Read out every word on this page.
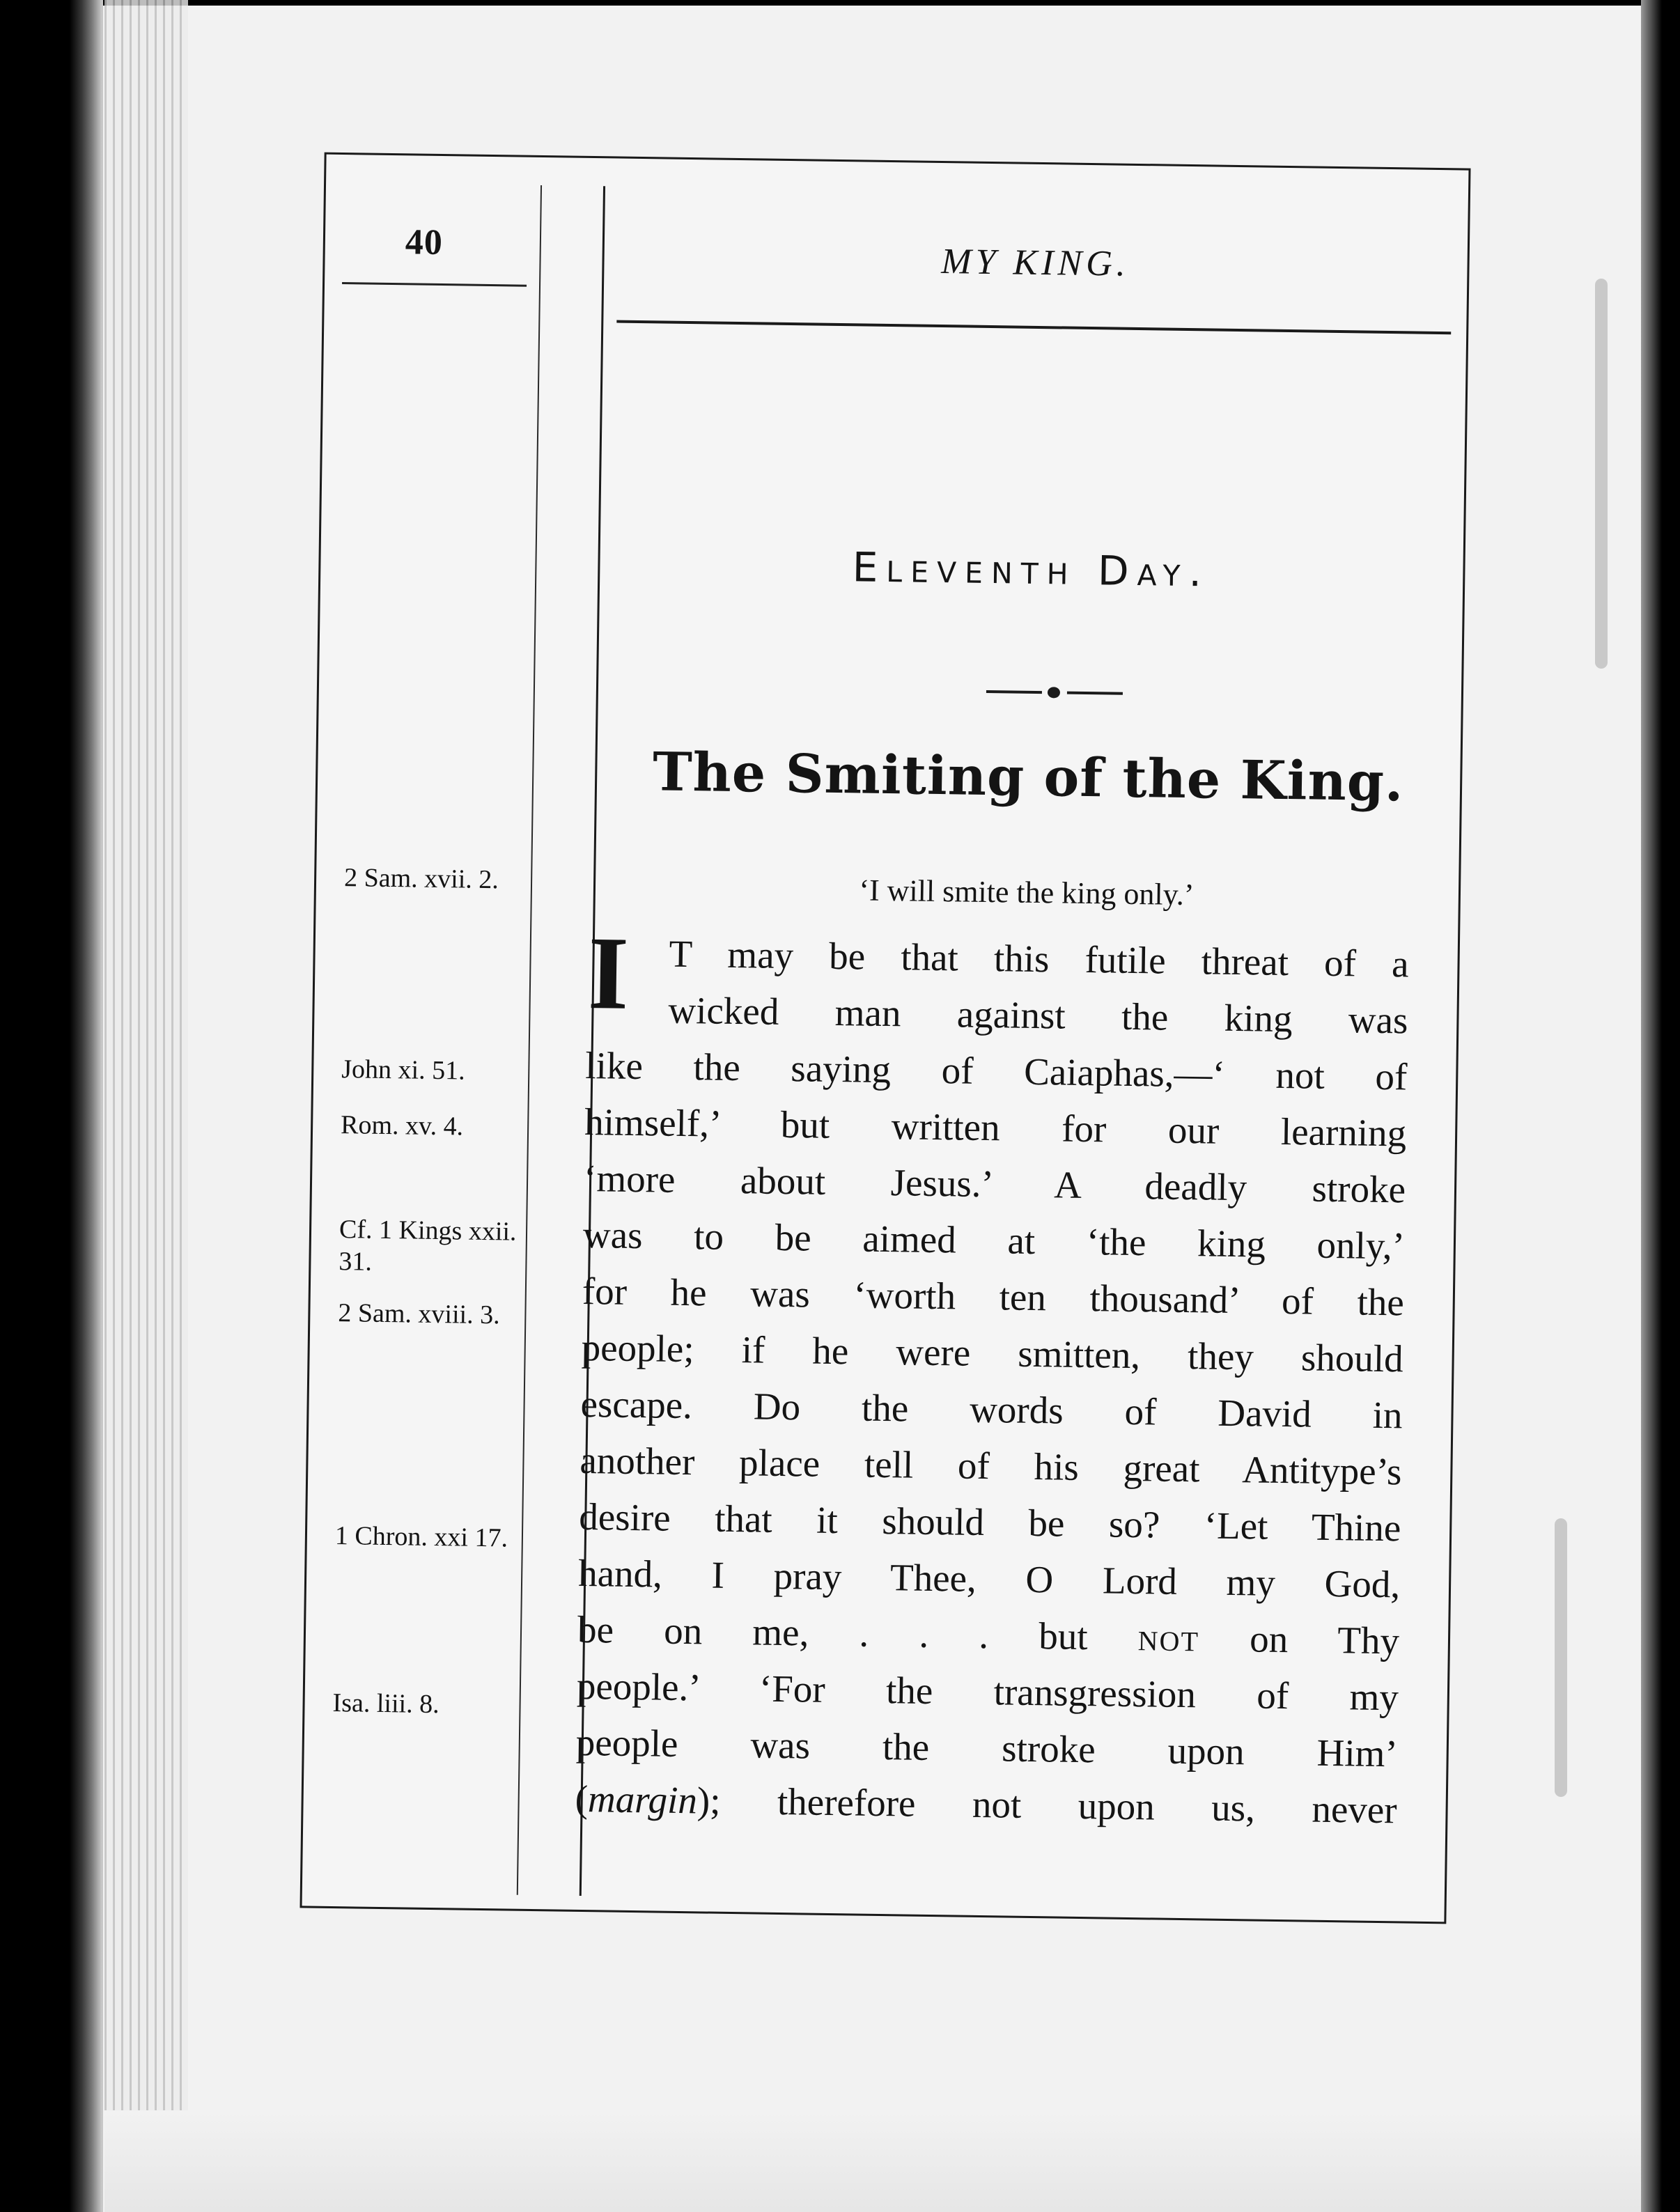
40	MY KING.
Eleventh Day.
The Smiting of the King.
‘I will smite the king only.’
2 Sam. xvii. 2.
John xi. 51.
Rom. xv. 4.
Cf. 1 Kings xxii. 31.
2 Sam. xviii. 3.
1 Chron. xxi 17.
Isa. liii. 8.
I	T may be that this futile threat of a
wicked man against the king was
like the saying of Caiaphas,—‘ not of
himself,’ but written for our learning
‘more about Jesus.’ A deadly stroke
was to be aimed at ‘the king only,’
for he was ‘worth ten thousand’ of the
people; if he were smitten, they should
escape. Do the words of David in
another place tell of his great Antitype’s
desire that it should be so? ‘Let Thine
hand, I pray Thee, O Lord my God,
be on me, . . . but NOT on Thy
people.’ ‘For the transgression of my
people was the stroke upon Him’
(margin); therefore not upon us, never
